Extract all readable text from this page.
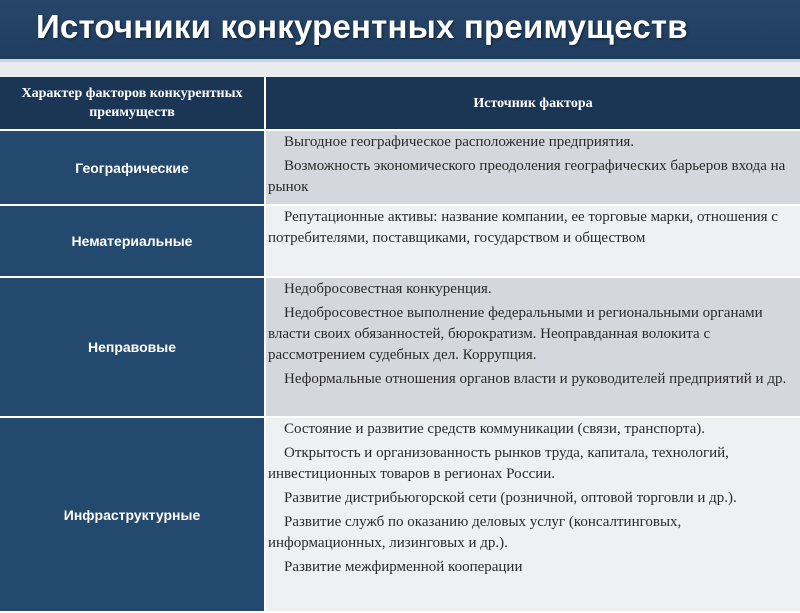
Источники конкурентных преимуществ
Характер факторов конкурентных преимуществ	Источник фактора
Географические	Выгодное географическое расположение предприятия.
Возможность экономического преодоления географических барьеров входа на рынок

Нематериальные	Репутационные активы: название компании, ее торговые марки, отношения с потребителями, поставщиками, государством и обществом

Неправовые	Недобросовестная конкуренция.
Недобросовестное выполнение федеральными и региональными органами власти своих обязанностей, бюрократизм. Неоправданная волокита с рассмотрением судебных дел. Коррупция.
Неформальные отношения органов власти и руководителей предприятий и др.

Инфраструктурные	Состояние и развитие средств коммуникации (связи, транспорта).
Открытость и организованность рынков труда, капитала, технологий, инвестиционных товаров в регионах России.
Развитие дистрибьюгорской сети (розничной, оптовой торговли и др.).
Развитие служб по оказанию деловых услуг (консалтинговых, информационных, лизинговых и др.).
Развитие межфирменной кооперации
